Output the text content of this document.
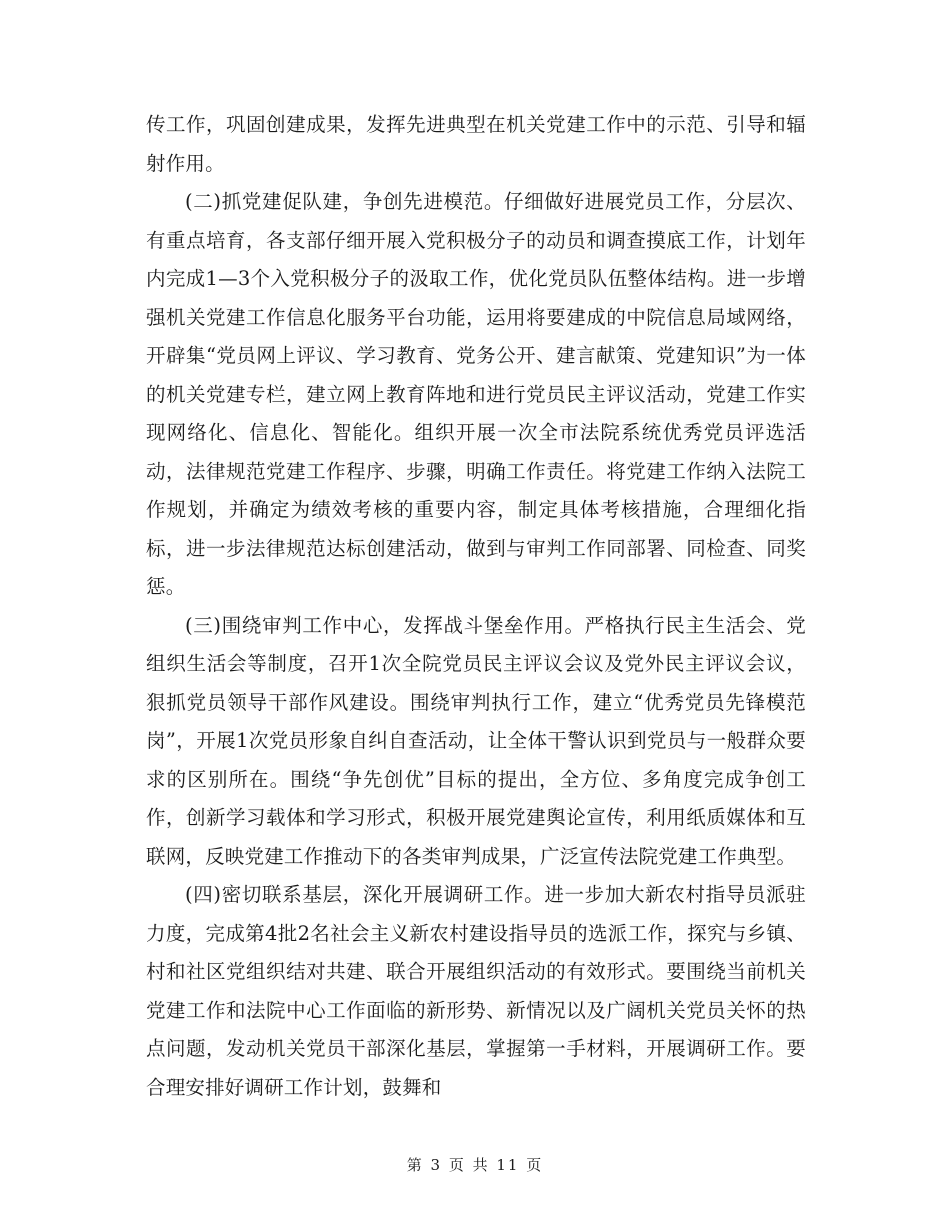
传工作，巩固创建成果，发挥先进典型在机关党建工作中的示范、引导和辐射作用。

(二)抓党建促队建，争创先进模范。仔细做好进展党员工作，分层次、有重点培育，各支部仔细开展入党积极分子的动员和调查摸底工作，计划年内完成1—3个入党积极分子的汲取工作，优化党员队伍整体结构。进一步增强机关党建工作信息化服务平台功能，运用将要建成的中院信息局域网络，开辟集“党员网上评议、学习教育、党务公开、建言献策、党建知识”为一体的机关党建专栏，建立网上教育阵地和进行党员民主评议活动，党建工作实现网络化、信息化、智能化。组织开展一次全市法院系统优秀党员评选活动，法律规范党建工作程序、步骤，明确工作责任。将党建工作纳入法院工作规划，并确定为绩效考核的重要内容，制定具体考核措施，合理细化指标，进一步法律规范达标创建活动，做到与审判工作同部署、同检查、同奖惩。

(三)围绕审判工作中心，发挥战斗堡垒作用。严格执行民主生活会、党组织生活会等制度，召开1次全院党员民主评议会议及党外民主评议会议，狠抓党员领导干部作风建设。围绕审判执行工作，建立“优秀党员先锋模范岗”，开展1次党员形象自纠自查活动，让全体干警认识到党员与一般群众要求的区别所在。围绕“争先创优”目标的提出，全方位、多角度完成争创工作，创新学习载体和学习形式，积极开展党建舆论宣传，利用纸质媒体和互联网，反映党建工作推动下的各类审判成果，广泛宣传法院党建工作典型。

(四)密切联系基层，深化开展调研工作。进一步加大新农村指导员派驻力度，完成第4批2名社会主义新农村建设指导员的选派工作，探究与乡镇、村和社区党组织结对共建、联合开展组织活动的有效形式。要围绕当前机关党建工作和法院中心工作面临的新形势、新情况以及广阔机关党员关怀的热点问题，发动机关党员干部深化基层，掌握第一手材料，开展调研工作。要合理安排好调研工作计划，鼓舞和

第 3 页 共 11 页
